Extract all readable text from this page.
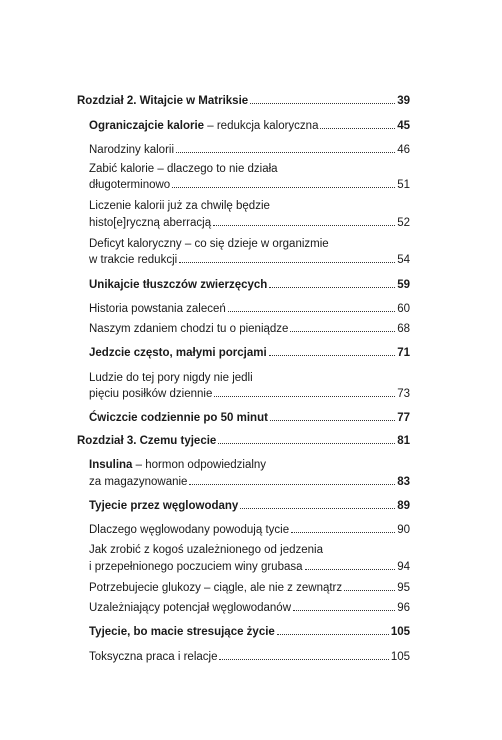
Rozdział 2. Witajcie w Matriksie	39
Ograniczajcie kalorie – redukcja kaloryczna	45
Narodziny kalorii	46
Zabić kalorie – dlaczego to nie działa
długoterminowo	51
Liczenie kalorii już za chwilę będzie
histo[e]ryczną aberracją	52
Deficyt kaloryczny – co się dzieje w organizmie
w trakcie redukcji	54
Unikajcie tłuszczów zwierzęcych	59
Historia powstania zaleceń	60
Naszym zdaniem chodzi tu o pieniądze	68
Jedzcie często, małymi porcjami	71
Ludzie do tej pory nigdy nie jedli
pięciu posiłków dziennie	73
Ćwiczcie codziennie po 50 minut	77
Rozdział 3. Czemu tyjecie	81
Insulina – hormon odpowiedzialny
za magazynowanie	83
Tyjecie przez węglowodany	89
Dlaczego węglowodany powodują tycie	90
Jak zrobić z kogoś uzależnionego od jedzenia
i przepełnionego poczuciem winy grubasa	94
Potrzebujecie glukozy – ciągle, ale nie z zewnątrz	95
Uzależniający potencjał węglowodanów	96
Tyjecie, bo macie stresujące życie	105
Toksyczna praca i relacje	105
